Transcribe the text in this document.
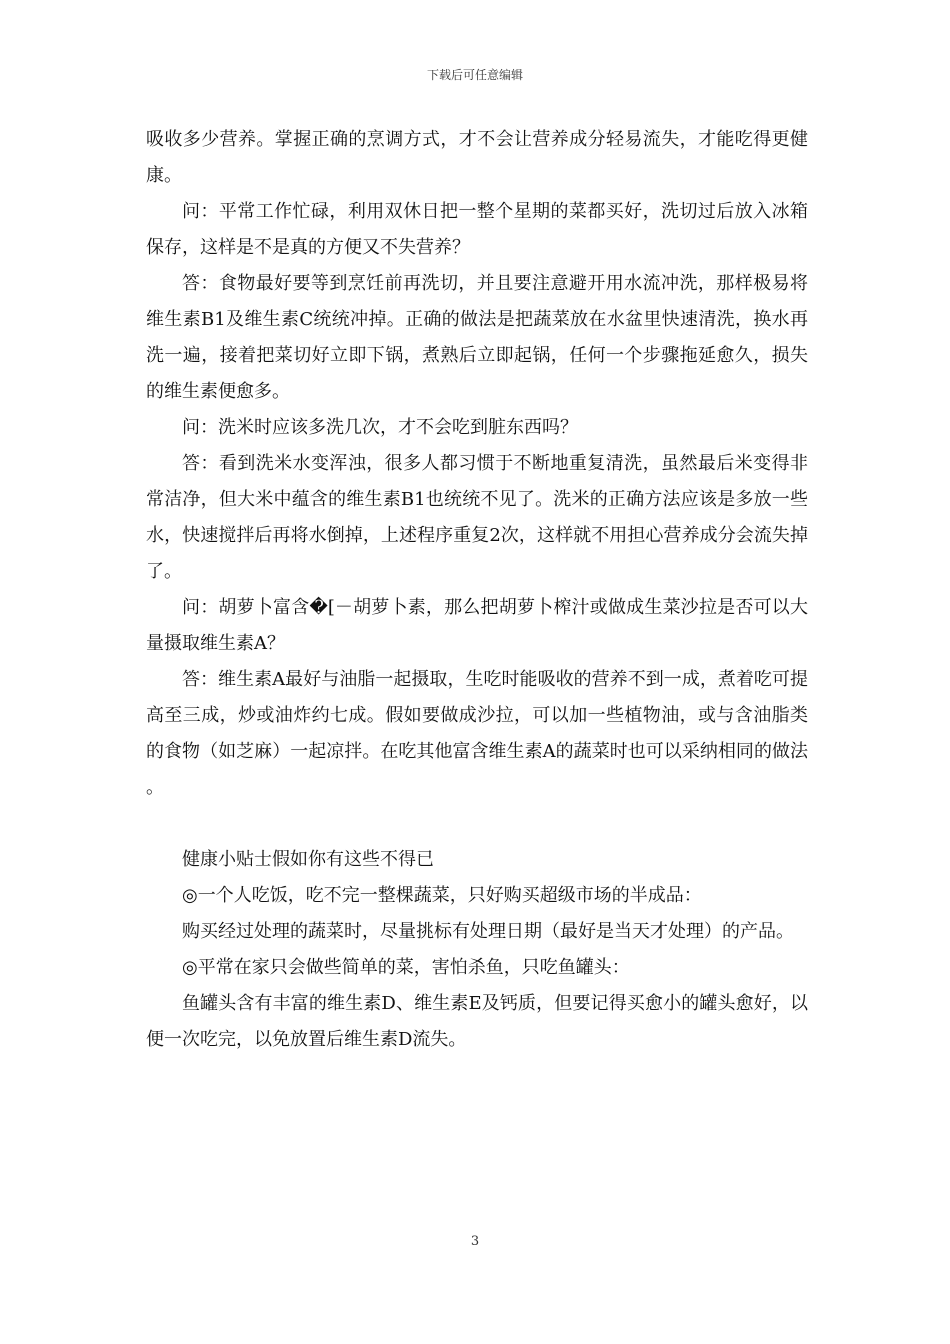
下载后可任意编辑

吸收多少营养。掌握正确的烹调方式，才不会让营养成分轻易流失，才能吃得更健康。

问：平常工作忙碌，利用双休日把一整个星期的菜都买好，洗切过后放入冰箱保存，这样是不是真的方便又不失营养？

答：食物最好要等到烹饪前再洗切，并且要注意避开用水流冲洗，那样极易将维生素B1及维生素C统统冲掉。正确的做法是把蔬菜放在水盆里快速清洗，换水再洗一遍，接着把菜切好立即下锅，煮熟后立即起锅，任何一个步骤拖延愈久，损失的维生素便愈多。

问：洗米时应该多洗几次，才不会吃到脏东西吗？

答：看到洗米水变浑浊，很多人都习惯于不断地重复清洗，虽然最后米变得非常洁净，但大米中蕴含的维生素B1也统统不见了。洗米的正确方法应该是多放一些水，快速搅拌后再将水倒掉，上述程序重复2次，这样就不用担心营养成分会流失掉了。

问：胡萝卜富含�[－胡萝卜素，那么把胡萝卜榨汁或做成生菜沙拉是否可以大量摄取维生素A？

答：维生素A最好与油脂一起摄取，生吃时能吸收的营养不到一成，煮着吃可提高至三成，炒或油炸约七成。假如要做成沙拉，可以加一些植物油，或与含油脂类的食物（如芝麻）一起凉拌。在吃其他富含维生素A的蔬菜时也可以采纳相同的做法。

健康小贴士假如你有这些不得已

◎一个人吃饭，吃不完一整棵蔬菜，只好购买超级市场的半成品：

购买经过处理的蔬菜时，尽量挑标有处理日期（最好是当天才处理）的产品。

◎平常在家只会做些简单的菜，害怕杀鱼，只吃鱼罐头：

鱼罐头含有丰富的维生素D、维生素E及钙质，但要记得买愈小的罐头愈好，以便一次吃完，以免放置后维生素D流失。

3
